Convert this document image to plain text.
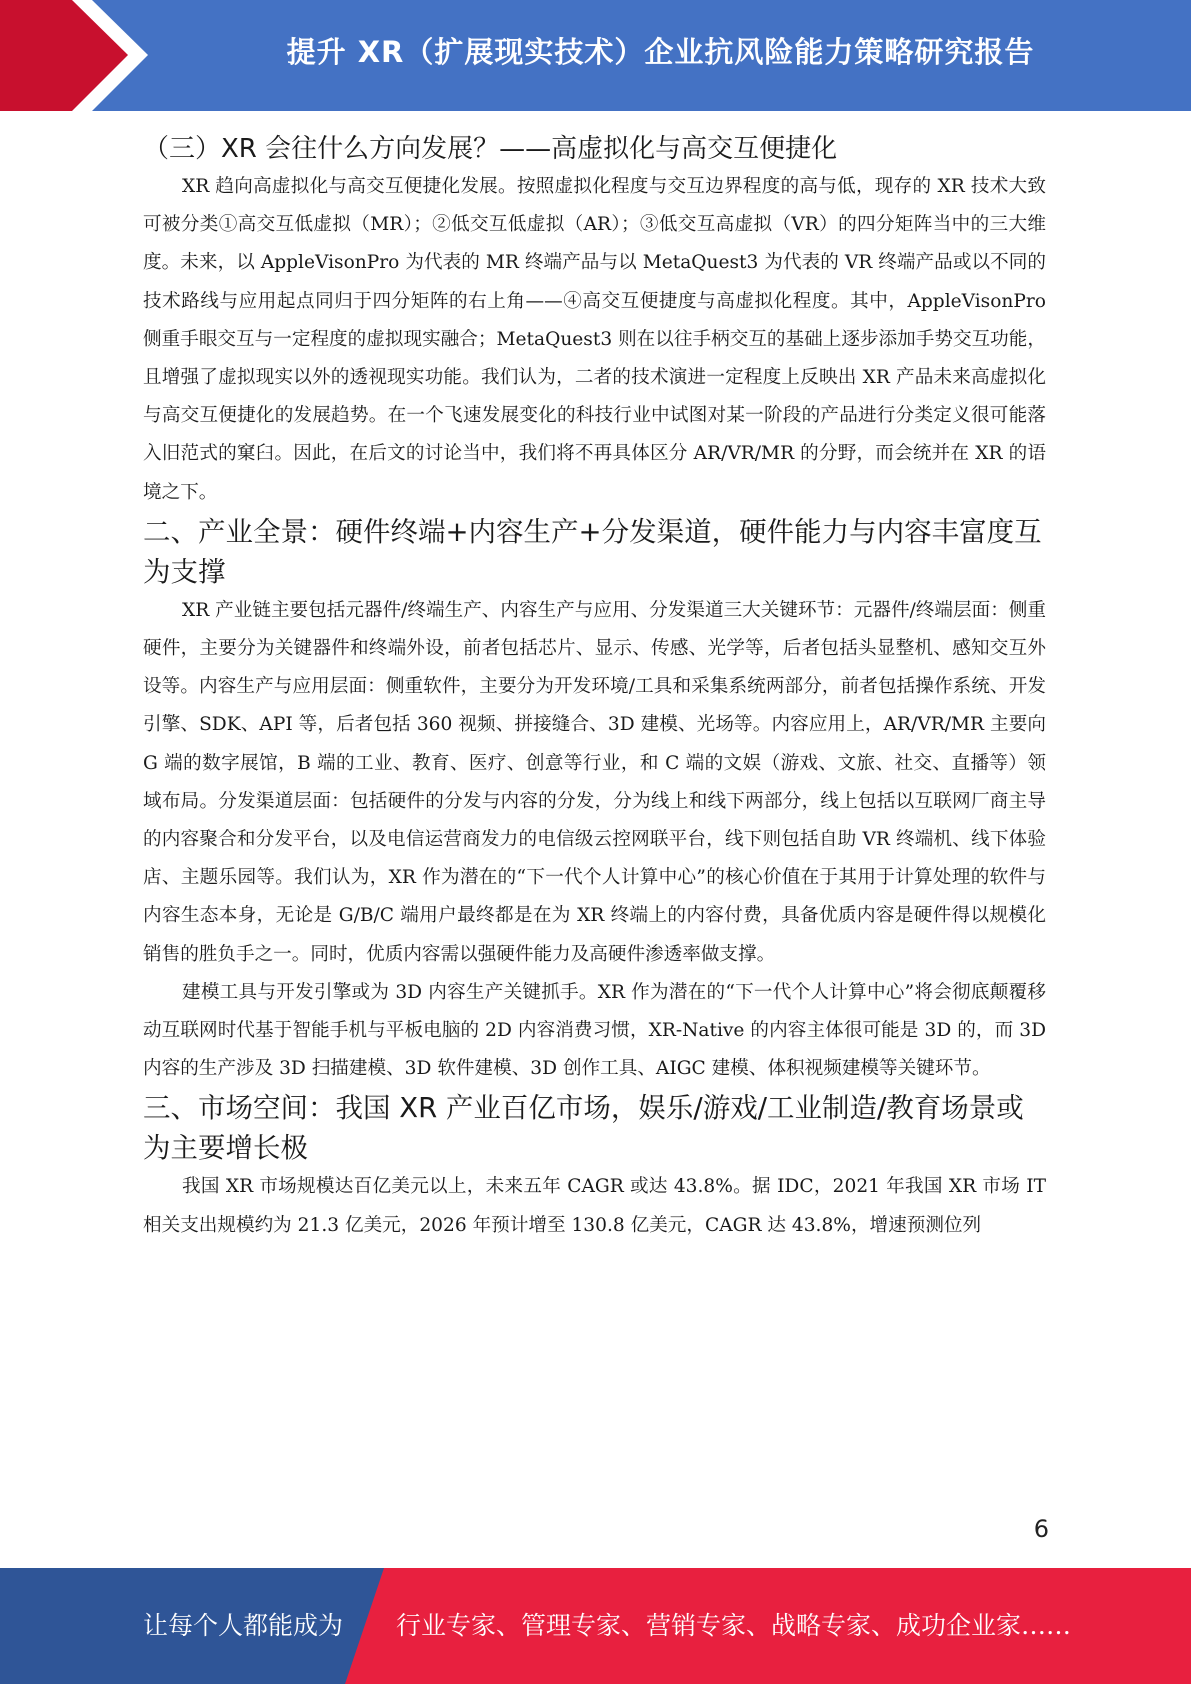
提升 XR（扩展现实技术）企业抗风险能力策略研究报告
（三）XR 会往什么方向发展？——高虚拟化与高交互便捷化

XR 趋向高虚拟化与高交互便捷化发展。按照虚拟化程度与交互边界程度的高与低，现存的 XR 技术大致可被分类①高交互低虚拟（MR）；②低交互低虚拟（AR）；③低交互高虚拟（VR）的四分矩阵当中的三大维度。未来，以 AppleVisonPro 为代表的 MR 终端产品与以 MetaQuest3 为代表的 VR 终端产品或以不同的技术路线与应用起点同归于四分矩阵的右上角——④高交互便捷度与高虚拟化程度。其中，AppleVisonPro 侧重手眼交互与一定程度的虚拟现实融合；MetaQuest3 则在以往手柄交互的基础上逐步添加手势交互功能，且增强了虚拟现实以外的透视现实功能。我们认为，二者的技术演进一定程度上反映出 XR 产品未来高虚拟化与高交互便捷化的发展趋势。在一个飞速发展变化的科技行业中试图对某一阶段的产品进行分类定义很可能落入旧范式的窠臼。因此，在后文的讨论当中，我们将不再具体区分 AR/VR/MR 的分野，而会统并在 XR 的语境之下。

二、产业全景：硬件终端+内容生产+分发渠道，硬件能力与内容丰富度互为支撑

XR 产业链主要包括元器件/终端生产、内容生产与应用、分发渠道三大关键环节：元器件/终端层面：侧重硬件，主要分为关键器件和终端外设，前者包括芯片、显示、传感、光学等，后者包括头显整机、感知交互外设等。内容生产与应用层面：侧重软件，主要分为开发环境/工具和采集系统两部分，前者包括操作系统、开发引擎、SDK、API 等，后者包括 360 视频、拼接缝合、3D 建模、光场等。内容应用上，AR/VR/MR 主要向 G 端的数字展馆，B 端的工业、教育、医疗、创意等行业，和 C 端的文娱（游戏、文旅、社交、直播等）领域布局。分发渠道层面：包括硬件的分发与内容的分发，分为线上和线下两部分，线上包括以互联网厂商主导的内容聚合和分发平台，以及电信运营商发力的电信级云控网联平台，线下则包括自助 VR 终端机、线下体验店、主题乐园等。我们认为，XR 作为潜在的“下一代个人计算中心”的核心价值在于其用于计算处理的软件与内容生态本身，无论是 G/B/C 端用户最终都是在为 XR 终端上的内容付费，具备优质内容是硬件得以规模化销售的胜负手之一。同时，优质内容需以强硬件能力及高硬件渗透率做支撑。

建模工具与开发引擎或为 3D 内容生产关键抓手。XR 作为潜在的“下一代个人计算中心”将会彻底颠覆移动互联网时代基于智能手机与平板电脑的 2D 内容消费习惯，XR-Native 的内容主体很可能是 3D 的，而 3D 内容的生产涉及 3D 扫描建模、3D 软件建模、3D 创作工具、AIGC 建模、体积视频建模等关键环节。

三、市场空间：我国 XR 产业百亿市场，娱乐/游戏/工业制造/教育场景或为主要增长极

我国 XR 市场规模达百亿美元以上，未来五年 CAGR 或达 43.8%。据 IDC，2021 年我国 XR 市场 IT 相关支出规模约为 21.3 亿美元，2026 年预计增至 130.8 亿美元，CAGR 达 43.8%，增速预测位列

6
让每个人都能成为 行业专家、管理专家、营销专家、战略专家、成功企业家……
